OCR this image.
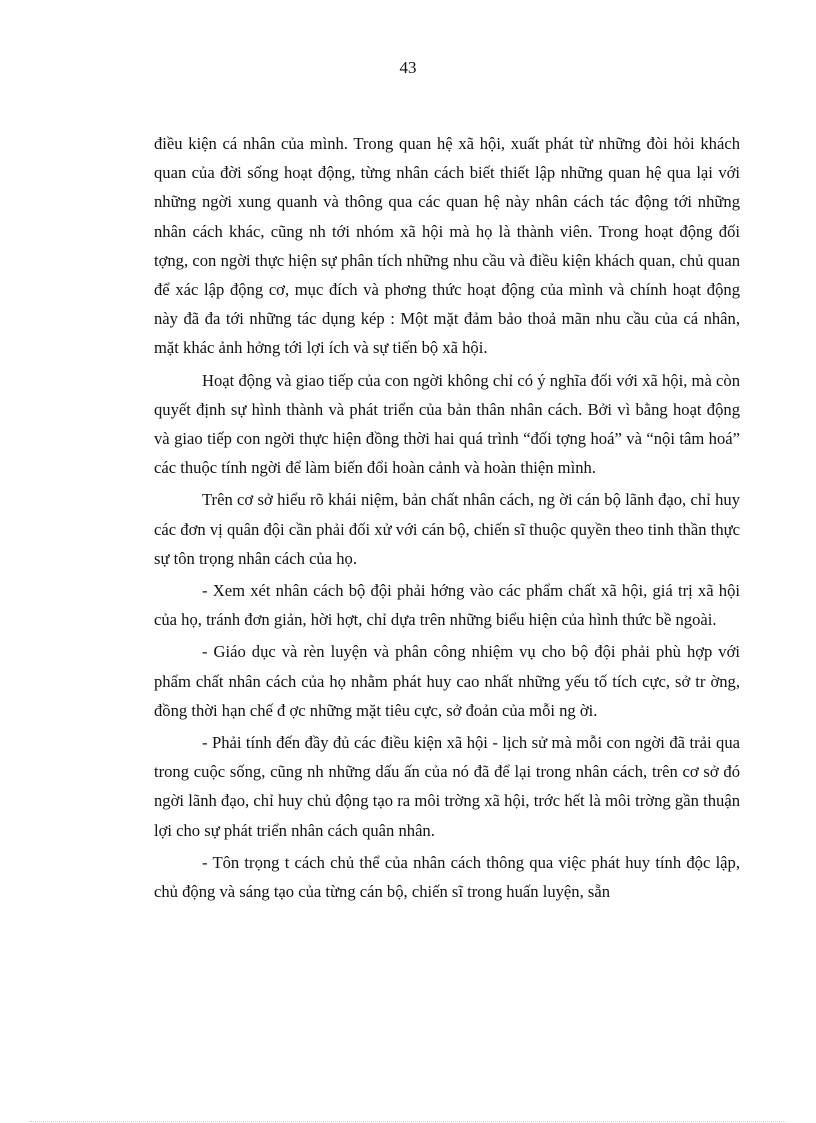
43

điều kiện cá nhân của mình. Trong quan hệ xã hội, xuất phát từ những đòi hỏi khách quan của đời sống hoạt động, từng nhân cách biết thiết lập những quan hệ qua lại với những ngời xung quanh và thông qua các quan hệ này nhân cách tác động tới những nhân cách khác, cũng nh tới nhóm xã hội mà họ là thành viên. Trong hoạt động đối tợng, con ngời thực hiện sự phân tích những nhu cầu và điều kiện khách quan, chủ quan để xác lập động cơ, mục đích và phơng thức hoạt động của mình và chính hoạt động này đã đa tới những tác dụng kép : Một mặt đảm bảo thoả mãn nhu cầu của cá nhân, mặt khác ảnh hởng tới lợi ích và sự tiến bộ xã hội.

Hoạt động và giao tiếp của con ngời không chỉ có ý nghĩa đối với xã hội, mà còn quyết định sự hình thành và phát triển của bản thân nhân cách. Bởi vì bằng hoạt động và giao tiếp con ngời thực hiện đồng thời hai quá trình “đối tợng hoá” và “nội tâm hoá” các thuộc tính ngời để làm biến đổi hoàn cảnh và hoàn thiện mình.

Trên cơ sở hiểu rõ khái niệm, bản chất nhân cách, ng ời cán bộ lãnh đạo, chỉ huy các đơn vị quân đội cần phải đối xử với cán bộ, chiến sĩ thuộc quyền theo tinh thần thực sự tôn trọng nhân cách của họ.

- Xem xét nhân cách bộ đội phải hớng vào các phẩm chất xã hội, giá trị xã hội của họ, tránh đơn giản, hời hợt, chỉ dựa trên những biểu hiện của hình thức bề ngoài.

- Giáo dục và rèn luyện và phân công nhiệm vụ cho bộ đội phải phù hợp với phẩm chất nhân cách của họ nhằm phát huy cao nhất những yếu tố tích cực, sở tr ờng, đồng thời hạn chế đ ợc những mặt tiêu cực, sở đoản của mỗi ng ời.

- Phải tính đến đầy đủ các điều kiện xã hội - lịch sử mà mỗi con ngời đã trải qua trong cuộc sống, cũng nh những dấu ấn của nó đã để lại trong nhân cách, trên cơ sở đó ngời lãnh đạo, chỉ huy chủ động tạo ra môi trờng xã hội, trớc hết là môi trờng gần thuận lợi cho sự phát triển nhân cách quân nhân.

- Tôn trọng t cách chủ thể của nhân cách thông qua việc phát huy tính độc lập, chủ động và sáng tạo của từng cán bộ, chiến sĩ trong huấn luyện, sẵn
